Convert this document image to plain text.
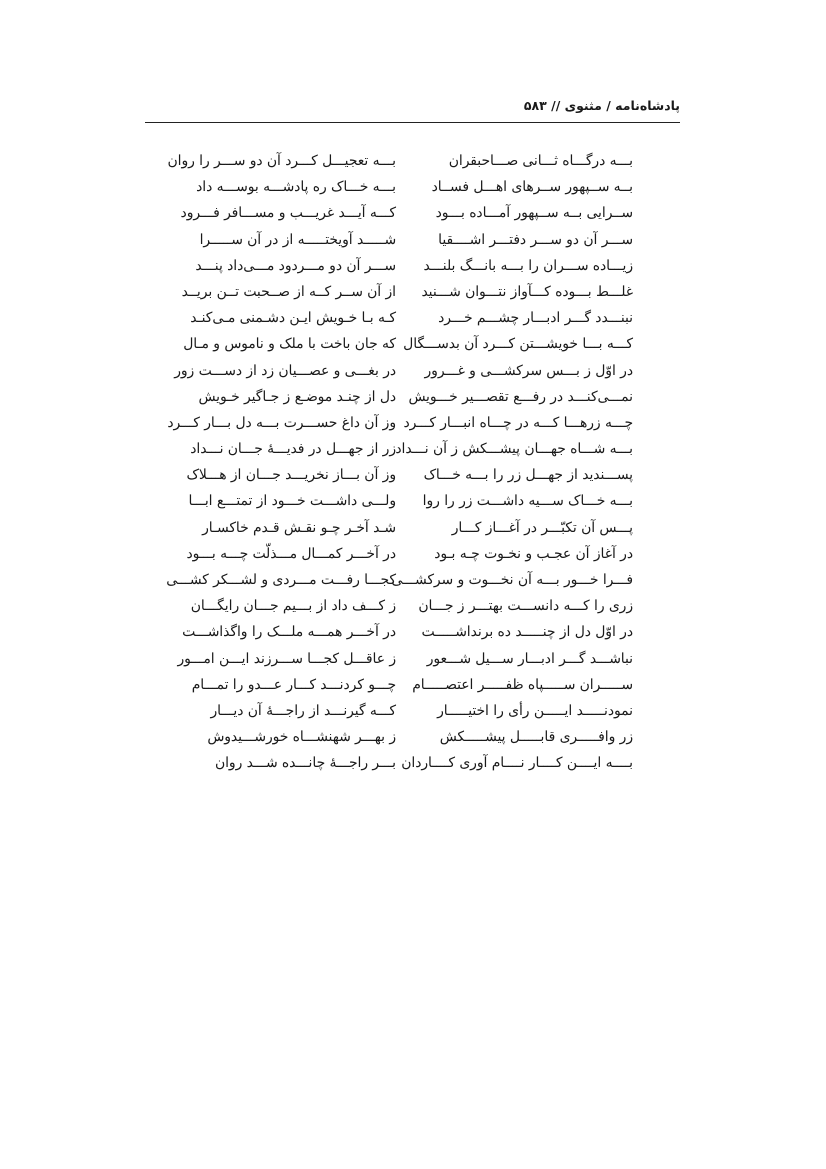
پادشاه‌نامه / مثنوی // ۵۸۳
بـــه درگـــاه ثـــانی صـــاحبقران
بــه ســپهور ســرهای اهـــل فســاد
ســرایی بــه ســپهور آمـــاده بـــود
ســـر آن دو ســـر دفتـــر اشــــقیا
زیـــاده ســـران را بـــه بانـــگ بلنـــد
غلـــط بـــوده کـــآواز نتـــوان شـــنید
نبنـــدد گـــر ادبـــار چشـــم خـــرد
کـــه بـــا خویشـــتن کـــرد آن بدســـگال
در اوّل ز بـــس سرکشـــی و غـــرور
نمـــی‌کنـــد در رفـــع تقصـــیر خـــویش
چـــه زرهـــا کـــه در چـــاه انبـــار کـــرد
بـــه شـــاه جهـــان پیشـــکش ز آن نـــداد
پســـندید از جهـــل زر را بـــه خـــاک
بـــه خـــاک ســـیه داشـــت زر را روا
پـــس آن تکبّـــر در آغـــاز کـــار
در آغاز آن عجـب و نخـوت چـه بـود
فـــرا خـــور بـــه آن نخـــوت و سرکشـــی
زری را کـــه دانســـت بهتـــر ز جـــان
در اوّل دل از چنـــــد ده برنداشـــــت
نباشـــد گـــر ادبـــار ســـیل شـــعور
ســـــران ســـــپاه ظفـــــر اعتصـــــام
نمودنـــــد ایـــــن رأی را اختیـــــار
زر وافـــــری قابـــــل پیشـــــکش
بــــه ایــــن کــــار نــــام آوری کــــاردان
بـــه تعجیـــل کـــرد آن دو ســـر را روان
بـــه خـــاک ره پادشـــه بوســـه داد
کـــه آیـــد غریـــب و مســـافر فـــرود
شـــــد آویختـــــه از در آن ســـــرا
ســـر آن دو مـــردود مـــی‌داد پنـــد
از آن ســر کــه از صــحبت تــن بریــد
کـه بـا خـویش ایـن دشـمنی مـی‌کنـد
که جان باخت با ملک و ناموس و مـال
در بغـــی و عصـــیان زد از دســـت زور
دل از چنـد موضـع ز جـاگیر خـویش
وز آن داغ حســـرت بـــه دل بـــار کـــرد
زر از جهـــل در فدیـــهٔ جـــان نـــداد
وز آن بـــاز نخریـــد جـــان از هـــلاک
ولـــی داشـــت خـــود از تمتـــع ابـــا
شـد آخـر چـو نقـش قـدم خاکسـار
در آخـــر کمـــال مـــذلّت چـــه بـــود
کجـــا رفـــت مـــردی و لشـــکر کشـــی
ز کـــف داد از بـــیم جـــان رایگـــان
در آخـــر همـــه ملـــک را واگذاشـــت
ز عاقـــل کجـــا ســـرزند ایـــن امـــور
چـــو کردنـــد کـــار عـــدو را تمـــام
کـــه گیرنـــد از راجـــهٔ آن دیـــار
ز بهـــر شهنشـــاه خورشـــیدوش
بـــر راجـــهٔ چانـــده شـــد روان
